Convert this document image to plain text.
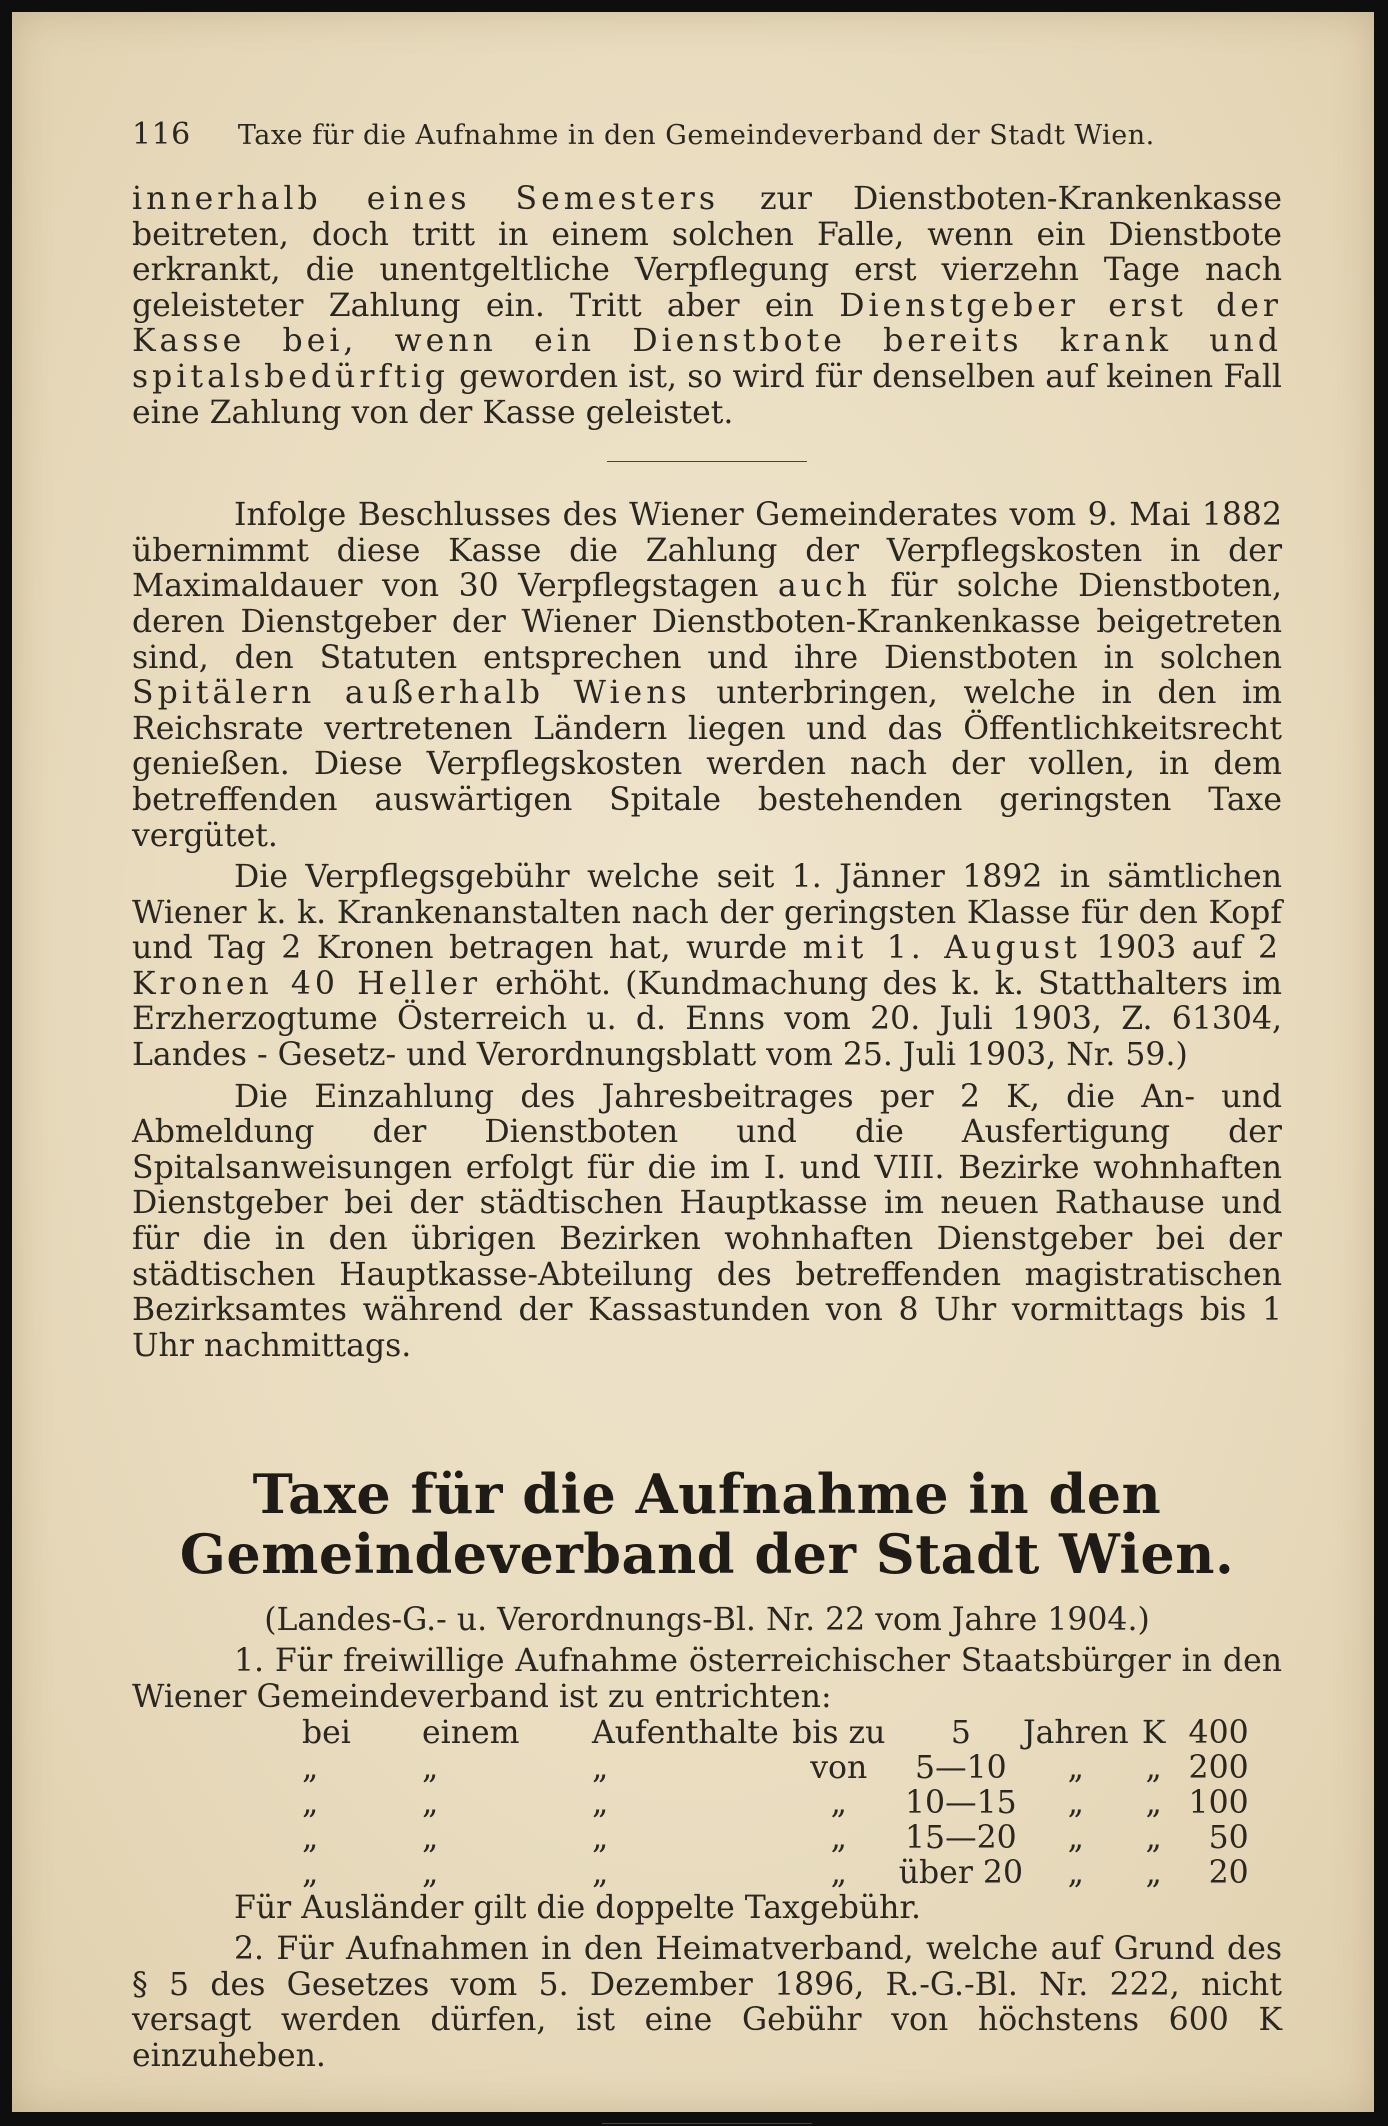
116 Taxe für die Aufnahme in den Gemeindeverband der Stadt Wien.

innerhalb eines Semesters zur Dienstboten-Krankenkasse beitreten, doch tritt in einem solchen Falle, wenn ein Dienstbote erkrankt, die unentgeltliche Verpflegung erst vierzehn Tage nach geleisteter Zahlung ein. Tritt aber ein Dienstgeber erst der Kasse bei, wenn ein Dienstbote bereits krank und spitalsbedürftig geworden ist, so wird für denselben auf keinen Fall eine Zahlung von der Kasse geleistet.

Infolge Beschlusses des Wiener Gemeinderates vom 9. Mai 1882 übernimmt diese Kasse die Zahlung der Verpflegskosten in der Maximaldauer von 30 Verpflegstagen auch für solche Dienstboten, deren Dienstgeber der Wiener Dienstboten-Krankenkasse beigetreten sind, den Statuten entsprechen und ihre Dienstboten in solchen Spitälern außerhalb Wiens unterbringen, welche in den im Reichsrate vertretenen Ländern liegen und das Öffentlichkeitsrecht genießen. Diese Verpflegskosten werden nach der vollen, in dem betreffenden auswärtigen Spitale bestehenden geringsten Taxe vergütet.

Die Verpflegsgebühr welche seit 1. Jänner 1892 in sämtlichen Wiener k. k. Krankenanstalten nach der geringsten Klasse für den Kopf und Tag 2 Kronen betragen hat, wurde mit 1. August 1903 auf 2 Kronen 40 Heller erhöht. (Kundmachung des k. k. Statthalters im Erzherzogtume Österreich u. d. Enns vom 20. Juli 1903, Z. 61304, Landes - Gesetz- und Verordnungsblatt vom 25. Juli 1903, Nr. 59.)

Die Einzahlung des Jahresbeitrages per 2 K, die An- und Abmeldung der Dienstboten und die Ausfertigung der Spitalsanweisungen erfolgt für die im I. und VIII. Bezirke wohnhaften Dienstgeber bei der städtischen Hauptkasse im neuen Rathause und für die in den übrigen Bezirken wohnhaften Dienstgeber bei der städtischen Hauptkasse-Abteilung des betreffenden magistratischen Bezirksamtes während der Kassastunden von 8 Uhr vormittags bis 1 Uhr nachmittags.

Taxe für die Aufnahme in den Gemeindeverband der Stadt Wien.
(Landes-G.- u. Verordnungs-Bl. Nr. 22 vom Jahre 1904.)

1. Für freiwillige Aufnahme österreichischer Staatsbürger in den Wiener Gemeindeverband ist zu entrichten:

bei	einem	Aufenthalte	bis zu	5	Jahren	K	400
„	„	„	von	5—10	„	„	200
„	„	„	„	10—15	„	„	100
„	„	„	„	15—20	„	„	50
„	„	„	„	über 20	„	„	20

Für Ausländer gilt die doppelte Taxgebühr.

2. Für Aufnahmen in den Heimatverband, welche auf Grund des § 5 des Gesetzes vom 5. Dezember 1896, R.-G.-Bl. Nr. 222, nicht versagt werden dürfen, ist eine Gebühr von höchstens 600 K einzuheben.
